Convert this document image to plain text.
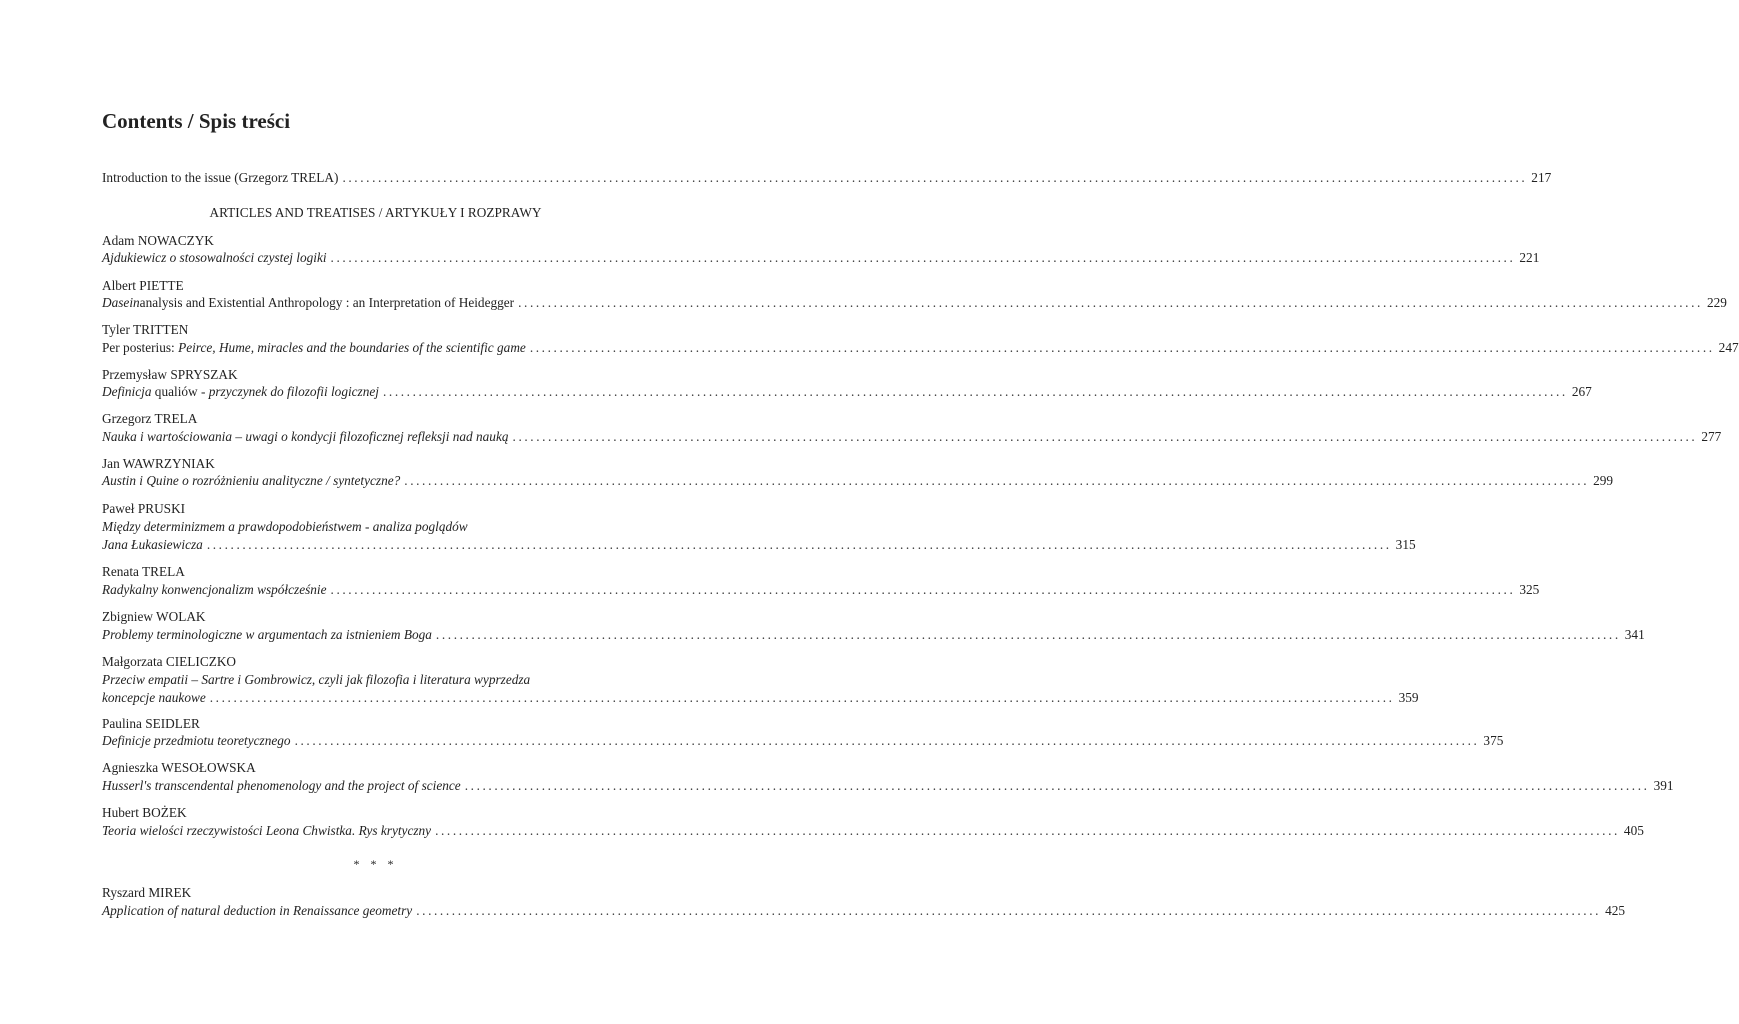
Contents / Spis treści
Introduction to the issue (Grzegorz TRELA) ........................................................................................................................................................................................................ 217
ARTICLES AND TREATISES / ARTYKUŁY I ROZPRAWY
Adam NOWACZYK
Ajdukiewicz o stosowalności czystej logiki ........................................................................................................................................................................................................ 221
Albert PIETTE
Daseinanalysis and Existential Anthropology : an Interpretation of Heidegger ........................................................................................................................................................................................................ 229
Tyler TRITTEN
Per posterius: Peirce, Hume, miracles and the boundaries of the scientific game ........................................................................................................................................................................................................ 247
Przemysław SPRYSZAK
Definicja qualiów - przyczynek do filozofii logicznej ........................................................................................................................................................................................................ 267
Grzegorz TRELA
Nauka i wartościowania – uwagi o kondycji filozoficznej refleksji nad nauką ........................................................................................................................................................................................................ 277
Jan WAWRZYNIAK
Austin i Quine o rozróżnieniu analityczne / syntetyczne? ........................................................................................................................................................................................................ 299
Paweł PRUSKI
Między determinizmem a prawdopodobieństwem - analiza poglądów
Jana Łukasiewicza ........................................................................................................................................................................................................ 315
Renata TRELA
Radykalny konwencjonalizm współcześnie ........................................................................................................................................................................................................ 325
Zbigniew WOLAK
Problemy terminologiczne w argumentach za istnieniem Boga ........................................................................................................................................................................................................ 341
Małgorzata CIELICZKO
Przeciw empatii – Sartre i Gombrowicz, czyli jak filozofia i literatura wyprzedza
koncepcje naukowe ........................................................................................................................................................................................................ 359
Paulina SEIDLER
Definicje przedmiotu teoretycznego ........................................................................................................................................................................................................ 375
Agnieszka WESOŁOWSKA
Husserl's transcendental phenomenology and the project of science ........................................................................................................................................................................................................ 391
Hubert BOŻEK
Teoria wielości rzeczywistości Leona Chwistka. Rys krytyczny ........................................................................................................................................................................................................ 405
* * *
Ryszard MIREK
Application of natural deduction in Renaissance geometry ........................................................................................................................................................................................................ 425
